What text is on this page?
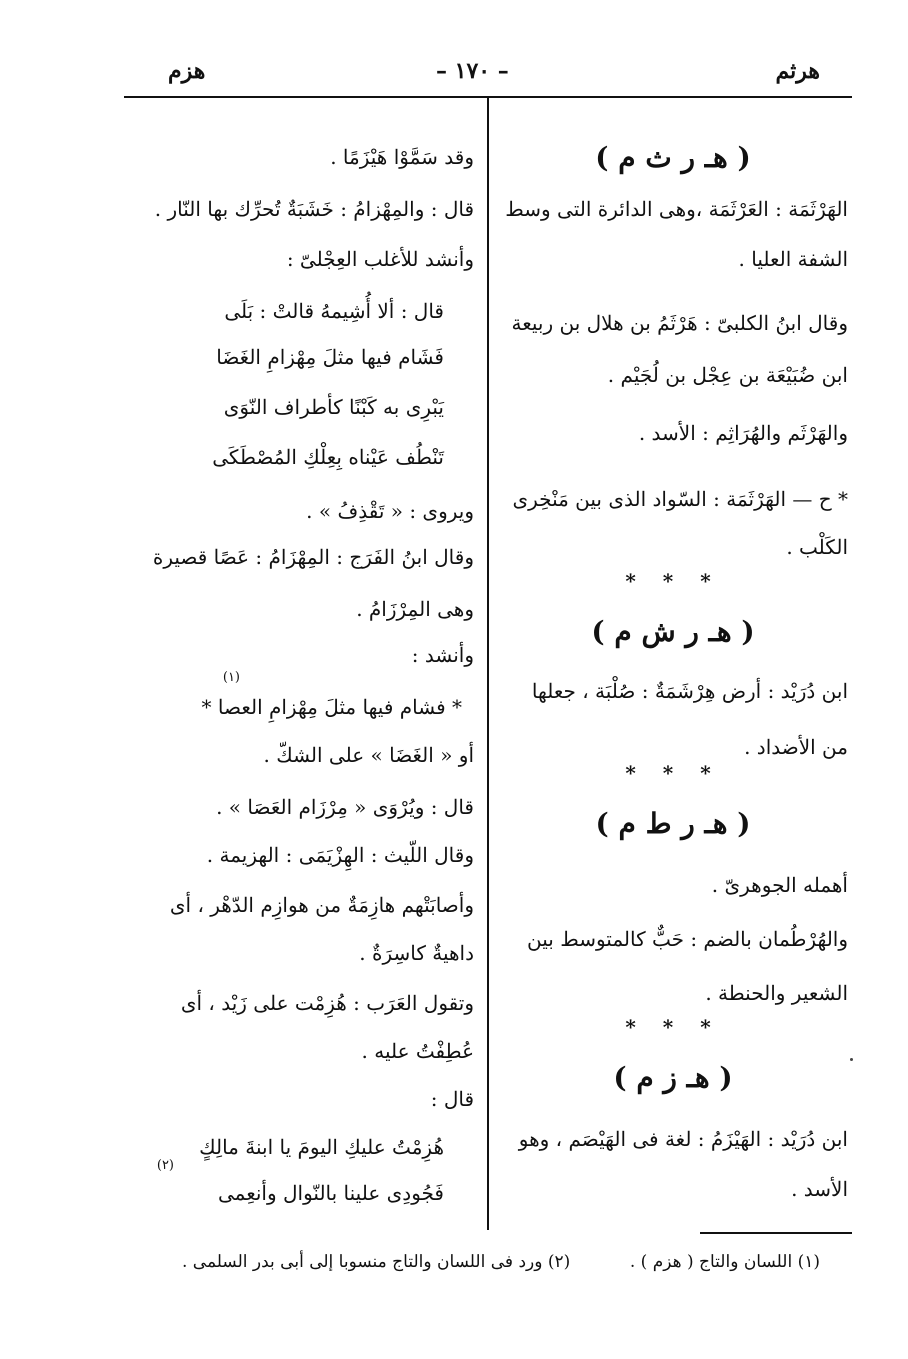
هرثم
– ١٧٠ –
هزم
( هـ ر ث م )
الهَرْثَمَة : العَرْثَمَة ،وهى الدائرة التى وسط
الشفة العليا .
وقال ابنُ الكلبىّ : هَرْثَمُ بن هلال بن ربيعة
ابن ضُبَيْعَة بن عِجْل بن لُجَيْم .
والهَرْثَم والهُرَاثِم : الأسد .
* ح — الهَرْثَمَة : السّواد الذى بين مَنْخِرى
الكَلْب .
* * *
( هـ ر ش م )
ابن دُرَيْد : أرض هِرْشَمَةٌ : صُلْبَة ، جعلها
من الأضداد .
* * *
( هـ ر ط م )
أهمله الجوهرىّ .
والهُرْطُمان بالضم : حَبٌّ كالمتوسط بين
الشعير والحنطة .
* * *
( هـ ز م )
ابن دُرَيْد : الهَيْزَمُ : لغة فى الهَيْصَم ، وهو
الأسد .
وقد سَمَّوْا هَيْزَمًا .
قال : والمِهْزامُ : خَشَبَةٌ تُحرِّك بها النّار .
وأنشد للأغلب العِجْلىّ :
قال : ألا أُشِيمهُ قالتْ : بَلَى
فَشَام فيها مثلَ مِهْزامِ الغَضَا
يَبْرِى به كَبْنًا كأطراف النّوَى
تَنْطُف عَيْناه بِعِلْكِ المُصْطَكَى
ويروى : « تَقْذِفُ » .
وقال ابنُ الفَرَج : المِهْزَامُ : عَصًا قصيرة
وهى المِرْزَامُ .
وأنشد :
* فشام فيها مثلَ مِهْزامِ العصا *
(١)
أو « الغَضَا » على الشكّ .
قال : ويُرْوَى « مِرْزَام العَصَا » .
وقال اللّيث : الهِزْيَمَى : الهزيمة .
وأصابَتْهم هازِمَةٌ من هوازِم الدّهْر ، أى
داهيةٌ كاسِرَةٌ .
وتقول العَرَب : هُزِمْت على زَيْد ، أى
عُطِفْتُ عليه .
قال :
هُزِمْتُ عليكِ اليومَ يا ابنةَ مالِكٍ
فَجُودِى علينا بالنّوال وأنعِمى
(٢)
(١) اللسان والتاج ( هزم ) .
(٢) ورد فى اللسان والتاج منسوبا إلى أبى بدر السلمى .
